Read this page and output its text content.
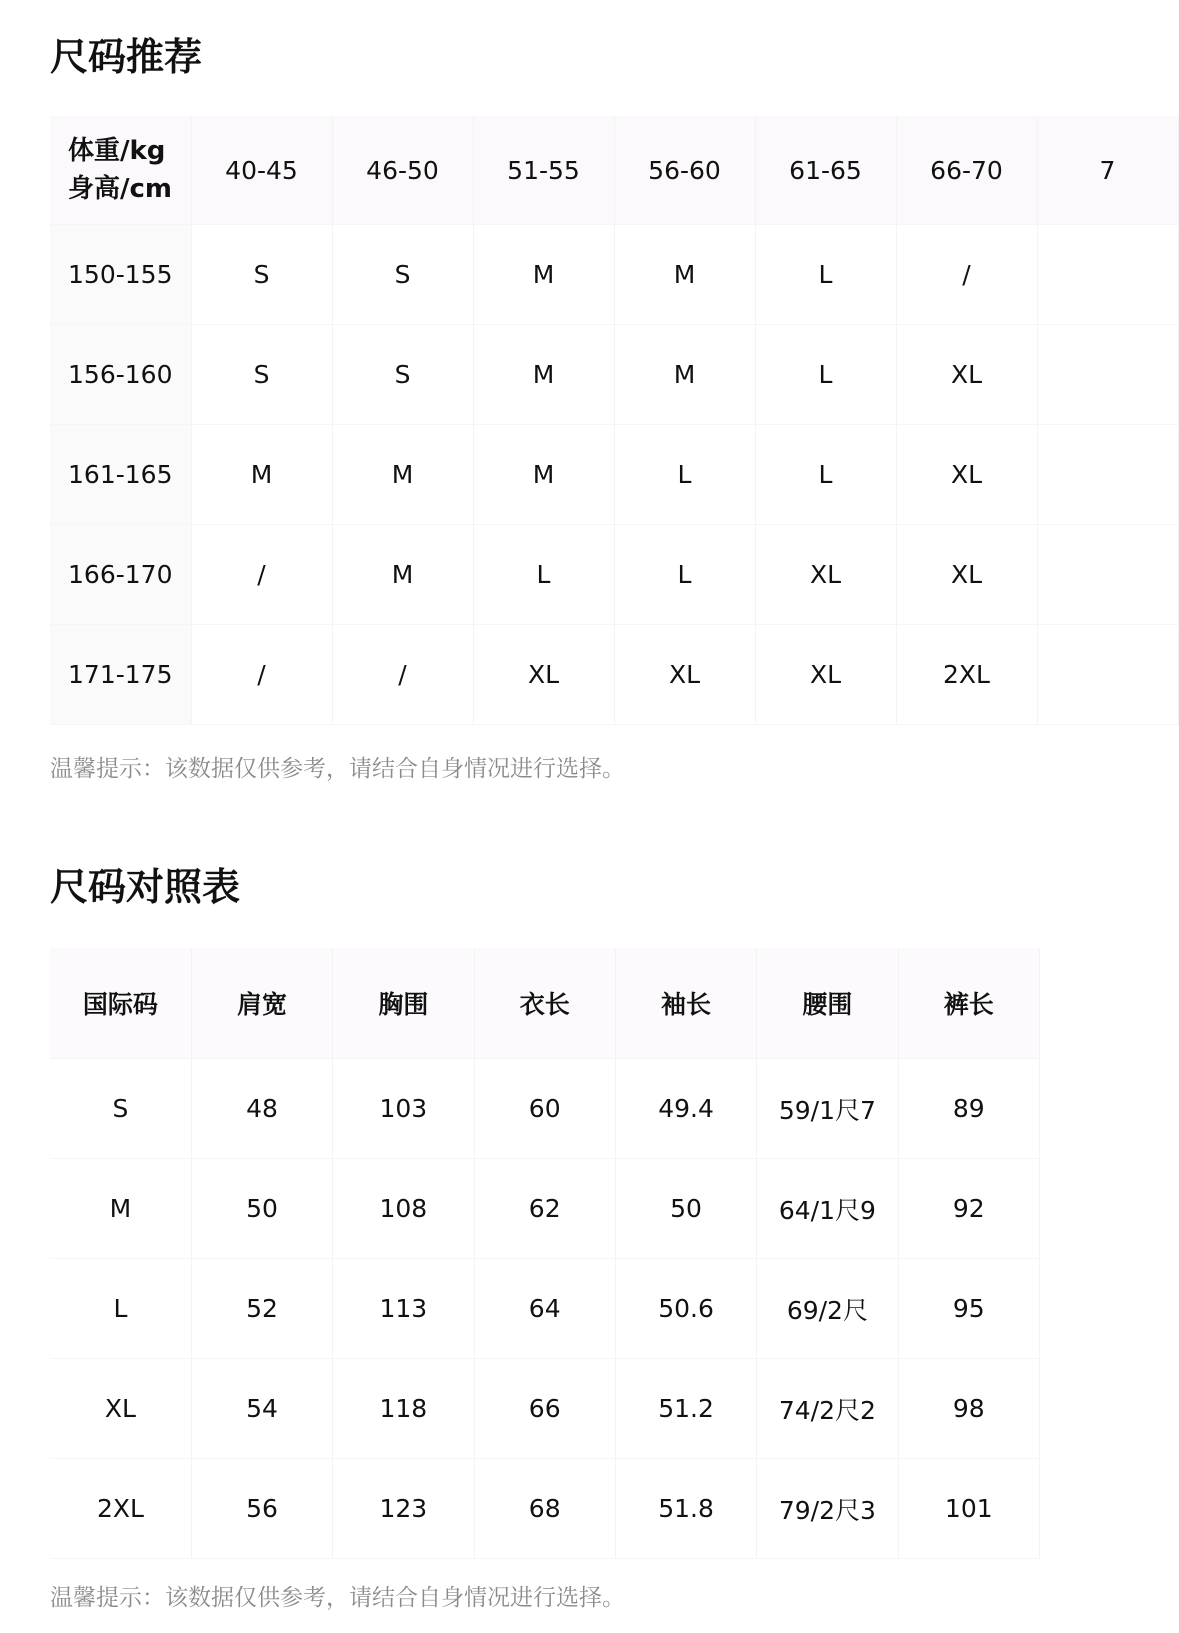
尺码推荐
体重/kg
身高/cm	40-45	46-50	51-55	56-60	61-65	66-70	7
150-155	S	S	M	M	L	/	
156-160	S	S	M	M	L	XL	
161-165	M	M	M	L	L	XL	
166-170	/	M	L	L	XL	XL	
171-175	/	/	XL	XL	XL	2XL	

温馨提示：该数据仅供参考，请结合自身情况进行选择。

尺码对照表
国际码	肩宽	胸围	衣长	袖长	腰围	裤长
S	48	103	60	49.4	59/1尺7	89
M	50	108	62	50	64/1尺9	92
L	52	113	64	50.6	69/2尺	95
XL	54	118	66	51.2	74/2尺2	98
2XL	56	123	68	51.8	79/2尺3	101

温馨提示：该数据仅供参考，请结合自身情况进行选择。
